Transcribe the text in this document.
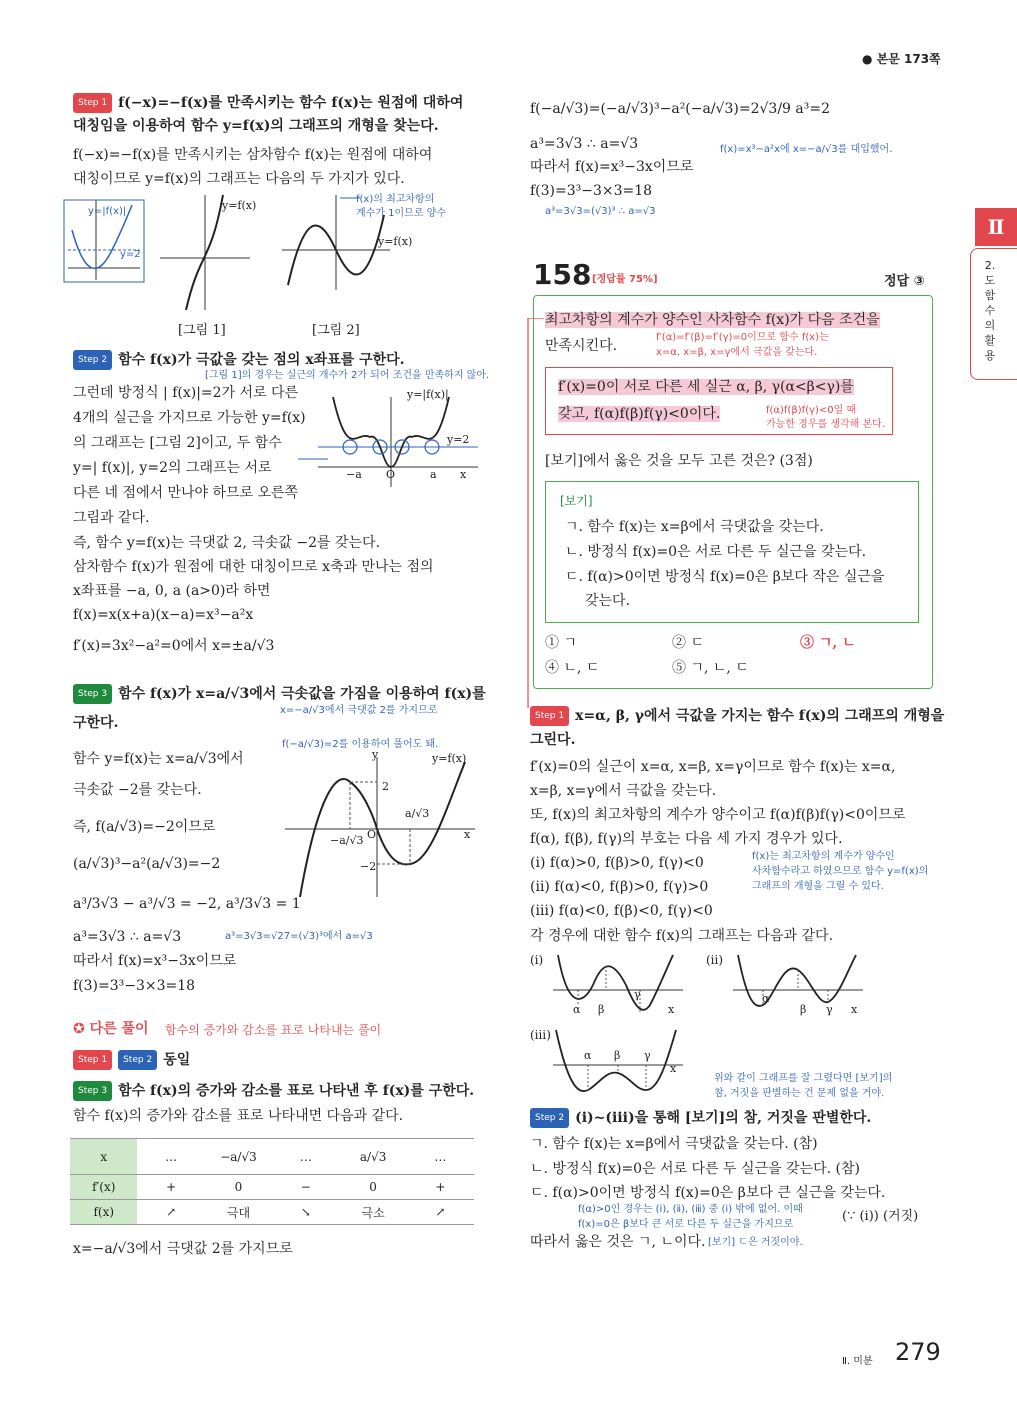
● 본문 173쪽
Ⅱ
2. 도함수의 활용
Step 1 f(−x)=−f(x)를 만족시키는 함수 f(x)는 원점에 대하여
대칭임을 이용하여 함수 y=f(x)의 그래프의 개형을 찾는다.
f(−x)=−f(x)를 만족시키는 삼차함수 f(x)는 원점에 대하여
대칭이므로 y=f(x)의 그래프는 다음의 두 가지가 있다.
y=|f(x)|
y=2
y=f(x)	f(x)의 최고차항의
계수가 1이므로 양수
y=f(x)
[그림 1]	[그림 2]
Step 2 함수 f(x)가 극값을 갖는 점의 x좌표를 구한다.
[그림 1]의 경우는 실근의 개수가 2가 되어 조건을 만족하지 않아.
그런데 방정식 | f(x)|=2가 서로 다른
4개의 실근을 가지므로 가능한 y=f(x)
의 그래프는 [그림 2]이고, 두 함수
y=| f(x)|, y=2의 그래프는 서로
다른 네 점에서 만나야 하므로 오른쪽
그림과 같다.
즉, 함수 y=f(x)는 극댓값 2, 극솟값 −2를 갖는다.
삼차함수 f(x)가 원점에 대한 대칭이므로 x축과 만나는 점의
x좌표를 −a, 0, a (a>0)라 하면
f(x)=x(x+a)(x−a)=x³−a²x
f′(x)=3x²−a²=0에서 x=±a/√3
y=|f(x)|
y=2
−a O	a x
Step 3 함수 f(x)가 x=a/√3에서 극솟값을 가짐을 이용하여 f(x)를
구한다.
x=−a/√3에서 극댓값 2를 가지므로
f(−a/√3)=2를 이용하여 풀어도 돼.
함수 y=f(x)는 x=a/√3에서
극솟값 −2를 갖는다.
즉, f(a/√3)=−2이므로
(a/√3)³−a²(a/√3)=−2
a³/3√3 − a³/√3 = −2, a³/3√3 = 1
a³=3√3 ∴ a=√3	a³=3√3=√27=(√3)³에서 a=√3
따라서 f(x)=x³−3x이므로
f(3)=3³−3×3=18
y	y=f(x)
2
a/√3
−a/√3 O	x
−2
✪ 다른 풀이 함수의 증가와 감소를 표로 나타내는 풀이
Step 1 Step 2 동일
Step 3 함수 f(x)의 증가와 감소를 표로 나타낸 후 f(x)를 구한다.
함수 f(x)의 증가와 감소를 표로 나타내면 다음과 같다.
x	…	−a/√3	…	a/√3	…
f′(x)	+	0	−	0	+
f(x)	↗	극대	↘	극소	↗
x=−a/√3에서 극댓값 2를 가지므로
f(−a/√3)=(−a/√3)³−a²(−a/√3)=2√3/9 a³=2
a³=3√3 ∴ a=√3	f(x)=x³−a²x에 x=−a/√3를 대입했어.
따라서 f(x)=x³−3x이므로
f(3)=3³−3×3=18
a³=3√3=(√3)³ ∴ a=√3
158 [정답률 75%]	정답 ③
최고차항의 계수가 양수인 사차함수 f(x)가 다음 조건을
만족시킨다.
f′(α)=f′(β)=f′(γ)=0이므로 함수 f(x)는
x=α, x=β, x=γ에서 극값을 갖는다.
f′(x)=0이 서로 다른 세 실근 α, β, γ(α<β<γ)를
갖고, f(α)f(β)f(γ)<0이다.	f(α)f(β)f(γ)<0일 때
가능한 경우를 생각해 본다.
[보기]에서 옳은 것을 모두 고른 것은? (3점)
[보기]
ㄱ. 함수 f(x)는 x=β에서 극댓값을 갖는다.
ㄴ. 방정식 f(x)=0은 서로 다른 두 실근을 갖는다.
ㄷ. f(α)>0이면 방정식 f(x)=0은 β보다 작은 실근을
갖는다.
① ㄱ	② ㄷ	③ ㄱ, ㄴ
④ ㄴ, ㄷ	⑤ ㄱ, ㄴ, ㄷ
Step 1 x=α, β, γ에서 극값을 가지는 함수 f(x)의 그래프의 개형을
그린다.
f′(x)=0의 실근이 x=α, x=β, x=γ이므로 함수 f(x)는 x=α,
x=β, x=γ에서 극값을 갖는다.
또, f(x)의 최고차항의 계수가 양수이고 f(α)f(β)f(γ)<0이므로
f(α), f(β), f(γ)의 부호는 다음 세 가지 경우가 있다.
(ⅰ) f(α)>0, f(β)>0, f(γ)<0
(ⅱ) f(α)<0, f(β)>0, f(γ)>0
(ⅲ) f(α)<0, f(β)<0, f(γ)<0
f(x)는 최고차항의 계수가 양수인
사차함수라고 하였으므로 함수 y=f(x)의
그래프의 개형을 그릴 수 있다.
각 경우에 대한 함수 f(x)의 그래프는 다음과 같다.
(ⅰ)	(ⅱ)
(ⅲ)
α β
γ
x
α
β γ x
α β γ
x
위와 같이 그래프를 잘 그렸다면 [보기]의
참, 거짓을 판별하는 건 문제 없을 거야.
Step 2 (ⅰ)~(ⅲ)을 통해 [보기]의 참, 거짓을 판별한다.
ㄱ. 함수 f(x)는 x=β에서 극댓값을 갖는다. (참)
ㄴ. 방정식 f(x)=0은 서로 다른 두 실근을 갖는다. (참)
ㄷ. f(α)>0이면 방정식 f(x)=0은 β보다 큰 실근을 갖는다.
f(α)>0인 경우는 (ⅰ), (ⅱ), (ⅲ) 중 (ⅰ) 밖에 없어. 이때
f(x)=0은 β보다 큰 서로 다른 두 실근을 가지므로
(∵ (ⅰ)) (거짓)
따라서 옳은 것은 ㄱ, ㄴ이다. [보기] ㄷ은 거짓이야.
Ⅱ. 미분 279
